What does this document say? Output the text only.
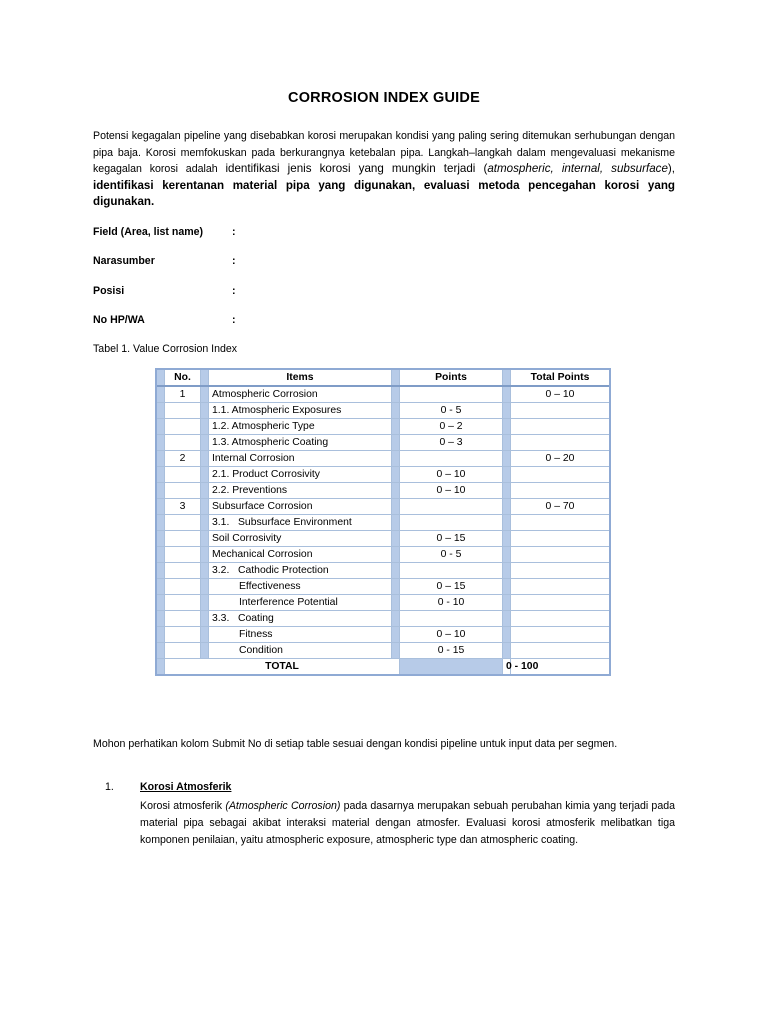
CORROSION INDEX GUIDE

Potensi kegagalan pipeline yang disebabkan korosi merupakan kondisi yang paling sering ditemukan serhubungan dengan pipa baja. Korosi memfokuskan pada berkurangnya ketebalan pipa. Langkah–langkah dalam mengevaluasi mekanisme kegagalan korosi adalah identifikasi jenis korosi yang mungkin terjadi (atmospheric, internal, subsurface), identifikasi kerentanan material pipa yang digunakan, evaluasi metoda pencegahan korosi yang digunakan.

Field (Area, list name)	:
Narasumber	:
Posisi	:
No HP/WA	:
Tabel 1. Value Corrosion Index
	No.		Items		Points		Total Points
	1		Atmospheric Corrosion				0 – 10
			1.1. Atmospheric Exposures		0 - 5		
			1.2. Atmospheric Type		0 – 2		
			1.3. Atmospheric Coating		0 – 3		
	2		Internal Corrosion				0 – 20
			2.1. Product Corrosivity		0 – 10		
			2.2. Preventions		0 – 10		
	3		Subsurface Corrosion				0 – 70
			3.1.   Subsurface Environment				
			Soil Corrosivity		0 – 15		
			Mechanical Corrosion		0 - 5		
			3.2.   Cathodic Protection				
			Effectiveness		0 – 15		
			Interference Potential		0 - 10		
			3.3.   Coating				
			Fitness		0 – 10		
			Condition		0 - 15		
	TOTAL					0 - 100	

Mohon perhatikan kolom Submit No di setiap table sesuai dengan kondisi pipeline untuk input data per segmen.

1. Korosi Atmosferik

Korosi atmosferik (Atmospheric Corrosion) pada dasarnya merupakan sebuah perubahan kimia yang terjadi pada material pipa sebagai akibat interaksi material dengan atmosfer. Evaluasi korosi atmosferik melibatkan tiga komponen penilaian, yaitu atmospheric exposure, atmospheric type dan atmospheric coating.
